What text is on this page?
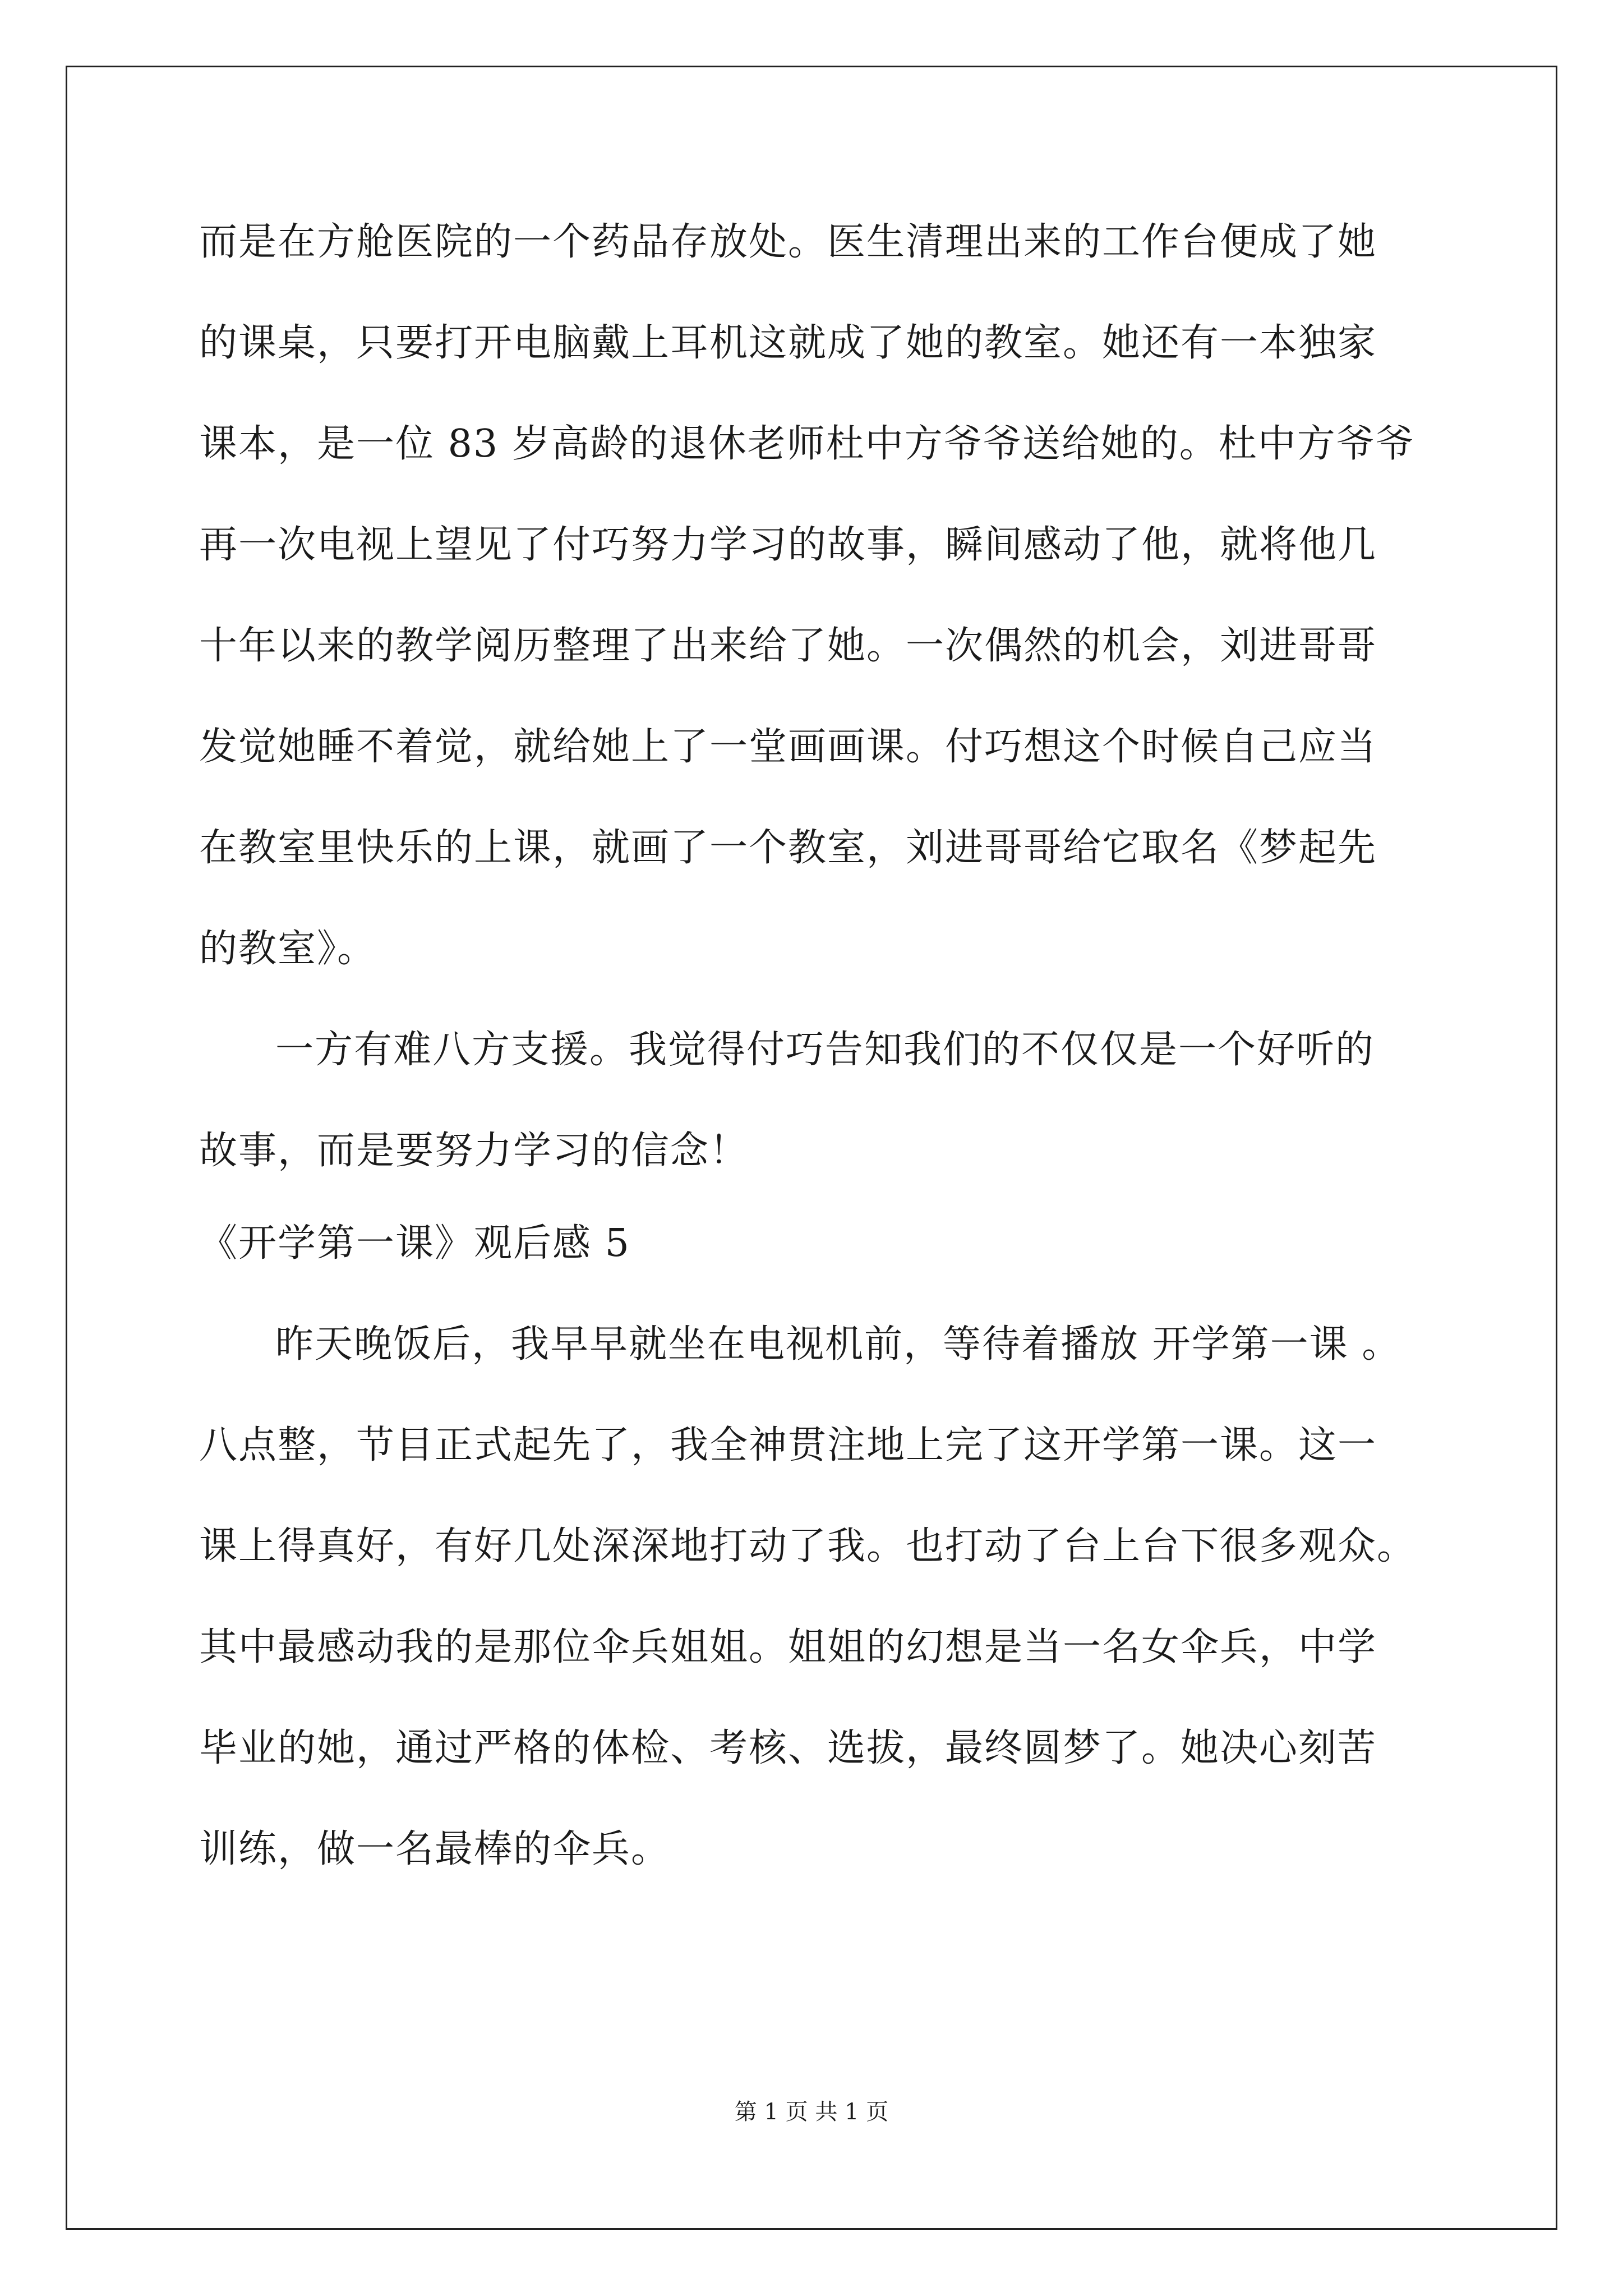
而是在方舱医院的一个药品存放处。医生清理出来的工作台便成了她
的课桌，只要打开电脑戴上耳机这就成了她的教室。她还有一本独家
课本，是一位 83 岁高龄的退休老师杜中方爷爷送给她的。杜中方爷爷
再一次电视上望见了付巧努力学习的故事，瞬间感动了他，就将他几
十年以来的教学阅历整理了出来给了她。一次偶然的机会，刘进哥哥
发觉她睡不着觉，就给她上了一堂画画课。付巧想这个时候自己应当
在教室里快乐的上课，就画了一个教室，刘进哥哥给它取名《梦起先
的教室》。
一方有难八方支援。我觉得付巧告知我们的不仅仅是一个好听的
故事，而是要努力学习的信念！
《开学第一课》观后感 5
昨天晚饭后，我早早就坐在电视机前，等待着播放 开学第一课 。
八点整，节目正式起先了，我全神贯注地上完了这开学第一课。这一
课上得真好，有好几处深深地打动了我。也打动了台上台下很多观众。
其中最感动我的是那位伞兵姐姐。姐姐的幻想是当一名女伞兵，中学
毕业的她，通过严格的体检、考核、选拔，最终圆梦了。她决心刻苦
训练，做一名最棒的伞兵。
第 1 页 共 1 页
